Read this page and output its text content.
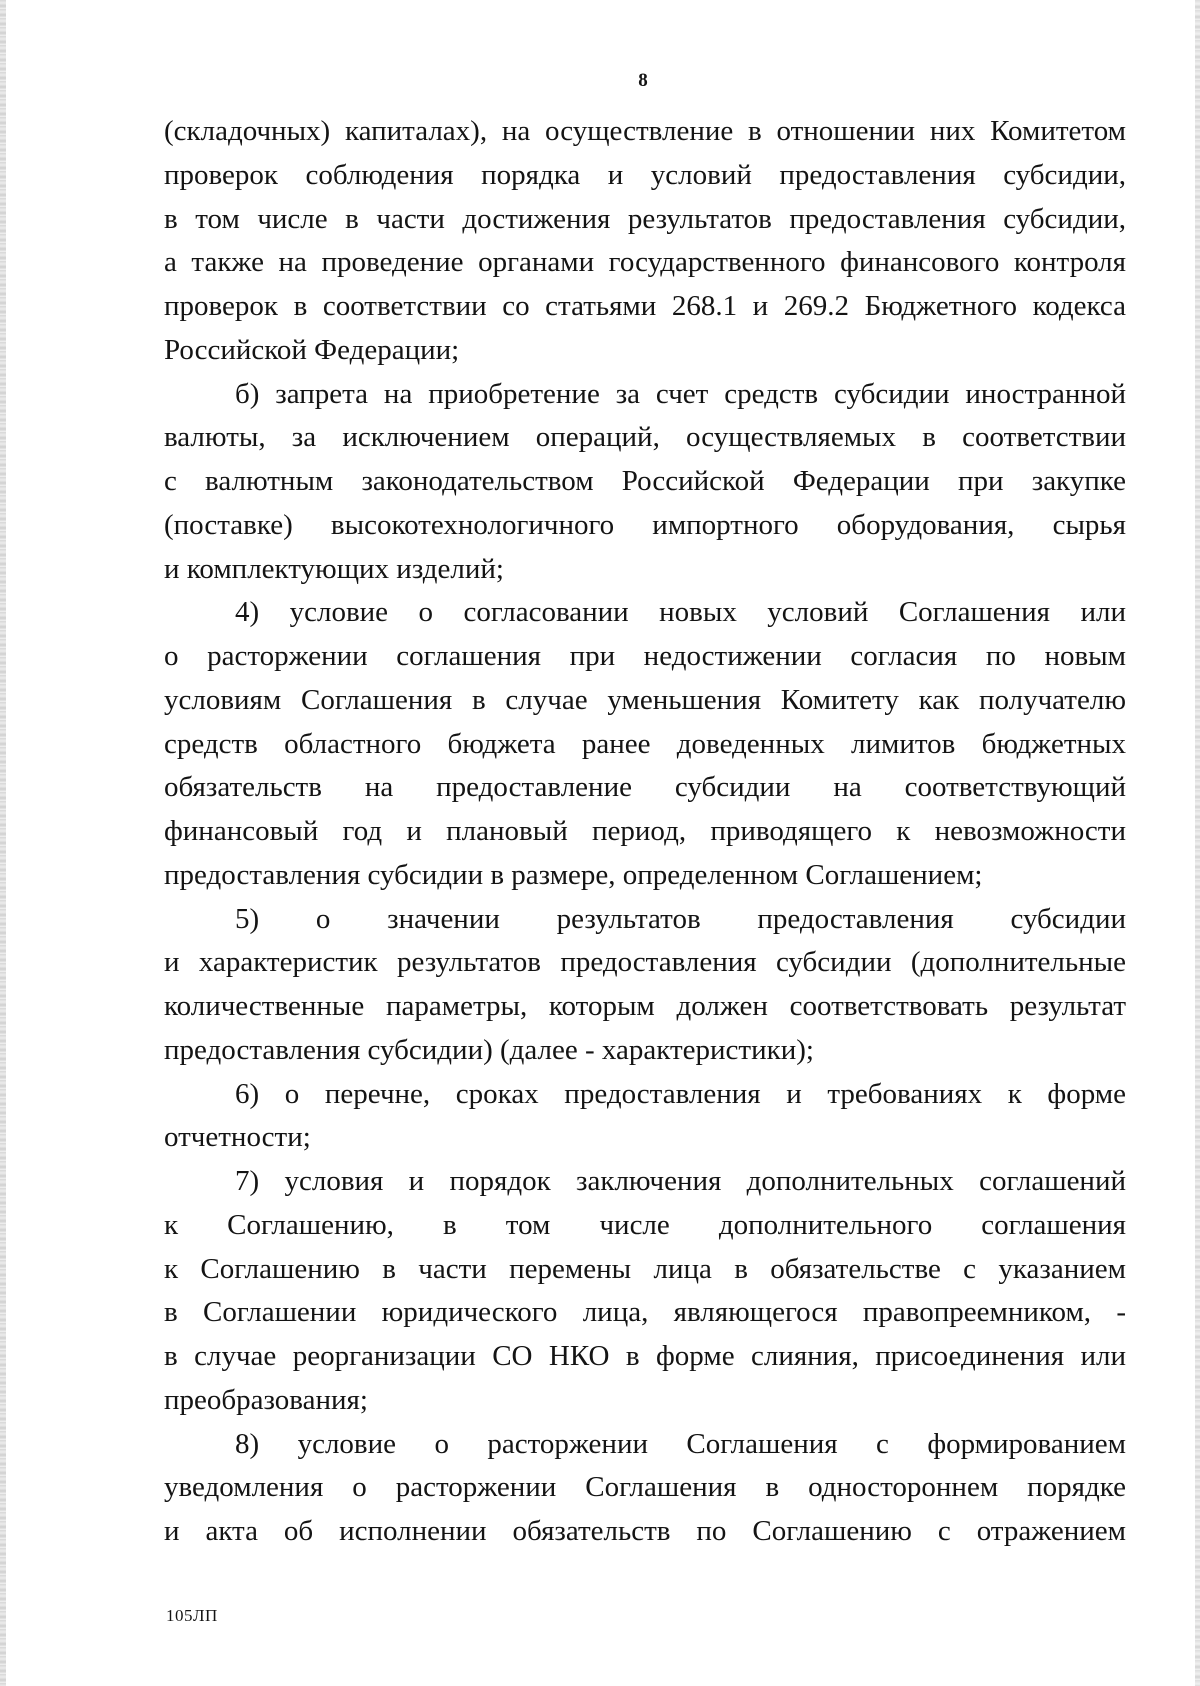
8
(складочных) капиталах), на осуществление в отношении них Комитетом
проверок соблюдения порядка и условий предоставления субсидии,
в том числе в части достижения результатов предоставления субсидии,
а также на проведение органами государственного финансового контроля
проверок в соответствии со статьями 268.1 и 269.2 Бюджетного кодекса
Российской Федерации;
б) запрета на приобретение за счет средств субсидии иностранной
валюты, за исключением операций, осуществляемых в соответствии
с валютным законодательством Российской Федерации при закупке
(поставке) высокотехнологичного импортного оборудования, сырья
и комплектующих изделий;
4) условие о согласовании новых условий Соглашения или
о расторжении соглашения при недостижении согласия по новым
условиям Соглашения в случае уменьшения Комитету как получателю
средств областного бюджета ранее доведенных лимитов бюджетных
обязательств на предоставление субсидии на соответствующий
финансовый год и плановый период, приводящего к невозможности
предоставления субсидии в размере, определенном Соглашением;
5) о значении результатов предоставления субсидии
и характеристик результатов предоставления субсидии (дополнительные
количественные параметры, которым должен соответствовать результат
предоставления субсидии) (далее - характеристики);
6) о перечне, сроках предоставления и требованиях к форме
отчетности;
7) условия и порядок заключения дополнительных соглашений
к Соглашению, в том числе дополнительного соглашения
к Соглашению в части перемены лица в обязательстве с указанием
в Соглашении юридического лица, являющегося правопреемником, -
в случае реорганизации СО НКО в форме слияния, присоединения или
преобразования;
8) условие о расторжении Соглашения с формированием
уведомления о расторжении Соглашения в одностороннем порядке
и акта об исполнении обязательств по Соглашению с отражением
105ЛП
